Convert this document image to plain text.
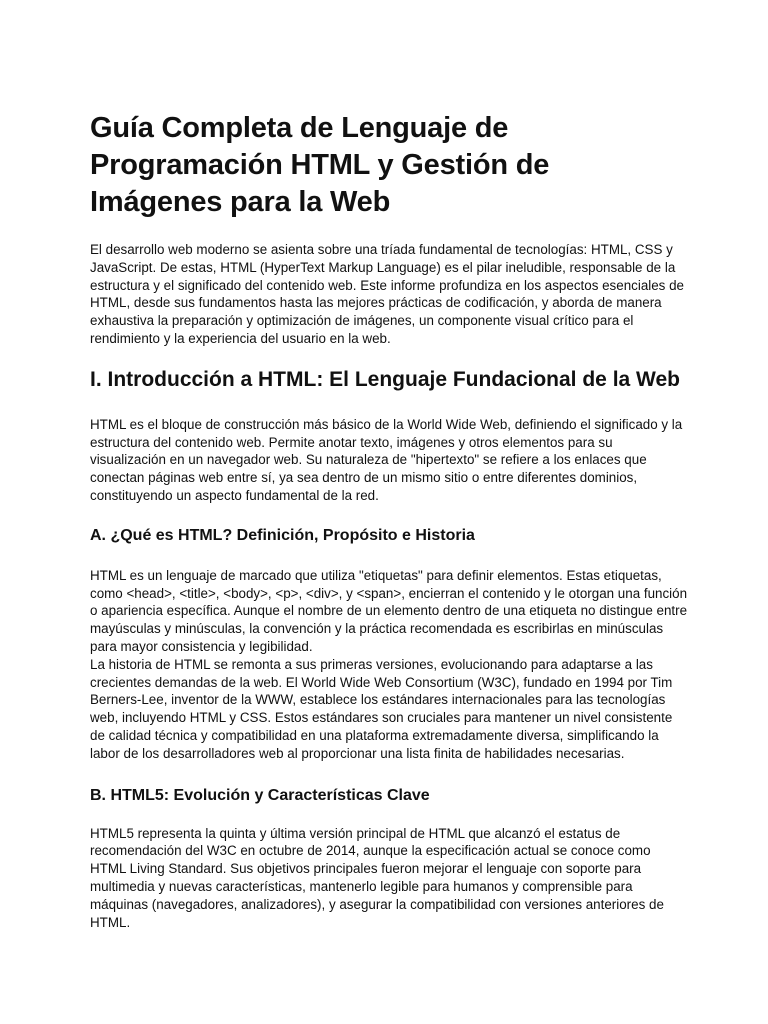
Guía Completa de Lenguaje de Programación HTML y Gestión de Imágenes para la Web

El desarrollo web moderno se asienta sobre una tríada fundamental de tecnologías: HTML, CSS y JavaScript. De estas, HTML (HyperText Markup Language) es el pilar ineludible, responsable de la estructura y el significado del contenido web. Este informe profundiza en los aspectos esenciales de HTML, desde sus fundamentos hasta las mejores prácticas de codificación, y aborda de manera exhaustiva la preparación y optimización de imágenes, un componente visual crítico para el rendimiento y la experiencia del usuario en la web.

I. Introducción a HTML: El Lenguaje Fundacional de la Web

HTML es el bloque de construcción más básico de la World Wide Web, definiendo el significado y la estructura del contenido web. Permite anotar texto, imágenes y otros elementos para su visualización en un navegador web. Su naturaleza de "hipertexto" se refiere a los enlaces que conectan páginas web entre sí, ya sea dentro de un mismo sitio o entre diferentes dominios, constituyendo un aspecto fundamental de la red.

A. ¿Qué es HTML? Definición, Propósito e Historia

HTML es un lenguaje de marcado que utiliza "etiquetas" para definir elementos. Estas etiquetas, como <head>, <title>, <body>, <p>, <div>, y <span>, encierran el contenido y le otorgan una función o apariencia específica. Aunque el nombre de un elemento dentro de una etiqueta no distingue entre mayúsculas y minúsculas, la convención y la práctica recomendada es escribirlas en minúsculas para mayor consistencia y legibilidad.

La historia de HTML se remonta a sus primeras versiones, evolucionando para adaptarse a las crecientes demandas de la web. El World Wide Web Consortium (W3C), fundado en 1994 por Tim Berners-Lee, inventor de la WWW, establece los estándares internacionales para las tecnologías web, incluyendo HTML y CSS. Estos estándares son cruciales para mantener un nivel consistente de calidad técnica y compatibilidad en una plataforma extremadamente diversa, simplificando la labor de los desarrolladores web al proporcionar una lista finita de habilidades necesarias.

B. HTML5: Evolución y Características Clave

HTML5 representa la quinta y última versión principal de HTML que alcanzó el estatus de recomendación del W3C en octubre de 2014, aunque la especificación actual se conoce como HTML Living Standard. Sus objetivos principales fueron mejorar el lenguaje con soporte para multimedia y nuevas características, mantenerlo legible para humanos y comprensible para máquinas (navegadores, analizadores), y asegurar la compatibilidad con versiones anteriores de HTML.
